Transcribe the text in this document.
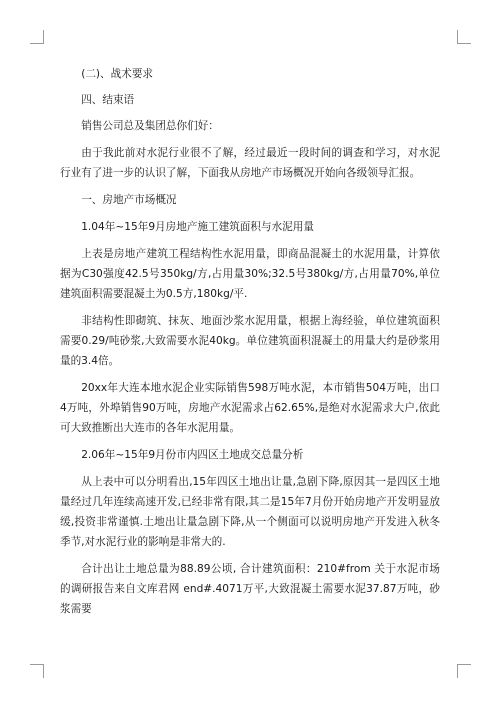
(二)、战术要求

四、结束语

销售公司总及集团总你们好：

由于我此前对水泥行业很不了解，经过最近一段时间的调查和学习，对水泥行业有了进一步的认识了解，下面我从房地产市场概况开始向各级领导汇报。

一、房地产市场概况

1.04年~15年9月房地产施工建筑面积与水泥用量

上表是房地产建筑工程结构性水泥用量，即商品混凝土的水泥用量，计算依据为C30强度42.5号350kg/方,占用量30%;32.5号380kg/方,占用量70%,单位建筑面积需要混凝土为0.5方,180kg/平.

非结构性即砌筑、抹灰、地面沙浆水泥用量，根据上海经验，单位建筑面积需要0.29/吨砂浆,大致需要水泥40kg。单位建筑面积混凝土的用量大约是砂浆用量的3.4倍。

20xx年大连本地水泥企业实际销售598万吨水泥，本市销售504万吨，出口4万吨，外埠销售90万吨，房地产水泥需求占62.65%,是绝对水泥需求大户,依此可大致推断出大连市的各年水泥用量。

2.06年~15年9月份市内四区土地成交总量分析

从上表中可以分明看出,15年四区土地出让量,急剧下降,原因其一是四区土地量经过几年连续高速开发,已经非常有限,其二是15年7月份开始房地产开发明显放缓,投资非常谨慎.土地出让量急剧下降,从一个侧面可以说明房地产开发进入秋冬季节,对水泥行业的影响是非常大的.

合计出让土地总量为88.89公顷, 合计建筑面积：210#from 关于水泥市场的调研报告来自文库君网 end#.4071万平,大致混凝土需要水泥37.87万吨，砂浆需要
